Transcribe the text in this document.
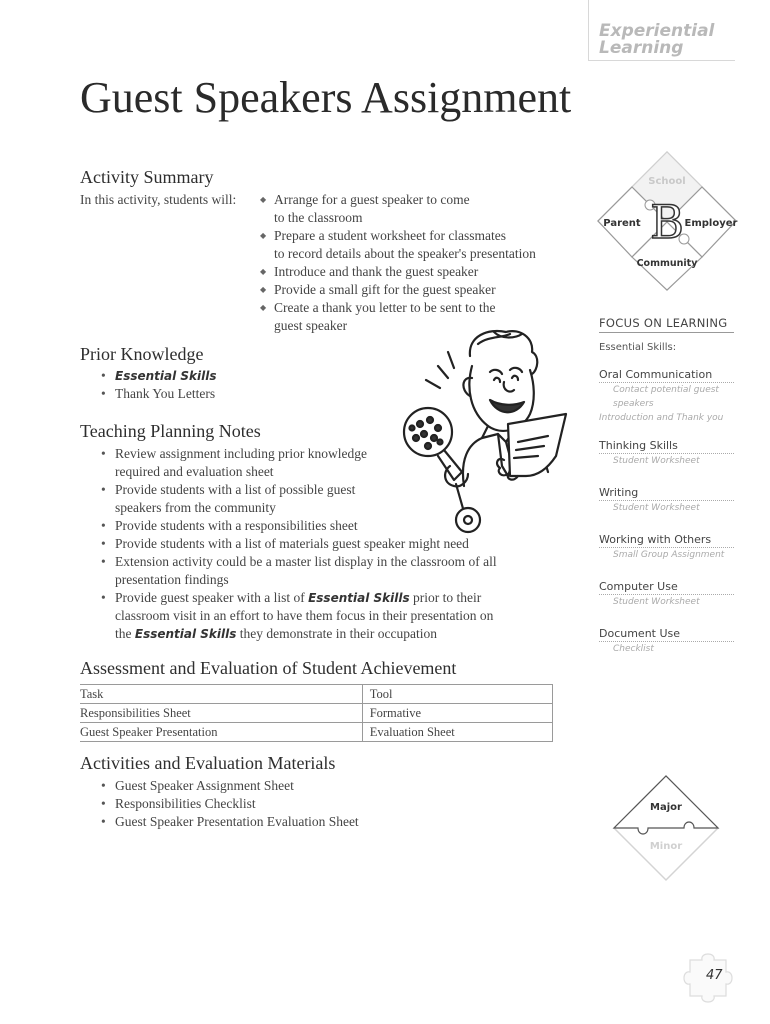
Experiential
Learning
Guest Speakers Assignment
Activity Summary
In this activity, students will:	◆ Arrange for a guest speaker to come
to the classroom
◆ Prepare a student worksheet for classmates
to record details about the speaker's presentation
◆ Introduce and thank the guest speaker
◆ Provide a small gift for the guest speaker
◆ Create a thank you letter to be sent to the
guest speaker
Prior Knowledge
• Essential Skills
• Thank You Letters
Teaching Planning Notes
• Review assignment including prior knowledge
required and evaluation sheet
• Provide students with a list of possible guest
speakers from the community
• Provide students with a responsibilities sheet
• Provide students with a list of materials guest speaker might need
• Extension activity could be a master list display in the classroom of all
presentation findings
• Provide guest speaker with a list of Essential Skills prior to their
classroom visit in an effort to have them focus in their presentation on
the Essential Skills they demonstrate in their occupation
Assessment and Evaluation of Student Achievement
Task	Tool
Responsibilities Sheet	Formative
Guest Speaker Presentation	Evaluation Sheet
Activities and Evaluation Materials
• Guest Speaker Assignment Sheet
• Responsibilities Checklist
• Guest Speaker Presentation Evaluation Sheet
School
Parent B Employer
Community
FOCUS ON LEARNING
Essential Skills:
Oral Communication
Contact potential guest
speakers
Introduction and Thank you
Thinking Skills
Student Worksheet
Writing
Student Worksheet
Working with Others
Small Group Assignment
Computer Use
Student Worksheet
Document Use
Checklist
Major
Minor
47
